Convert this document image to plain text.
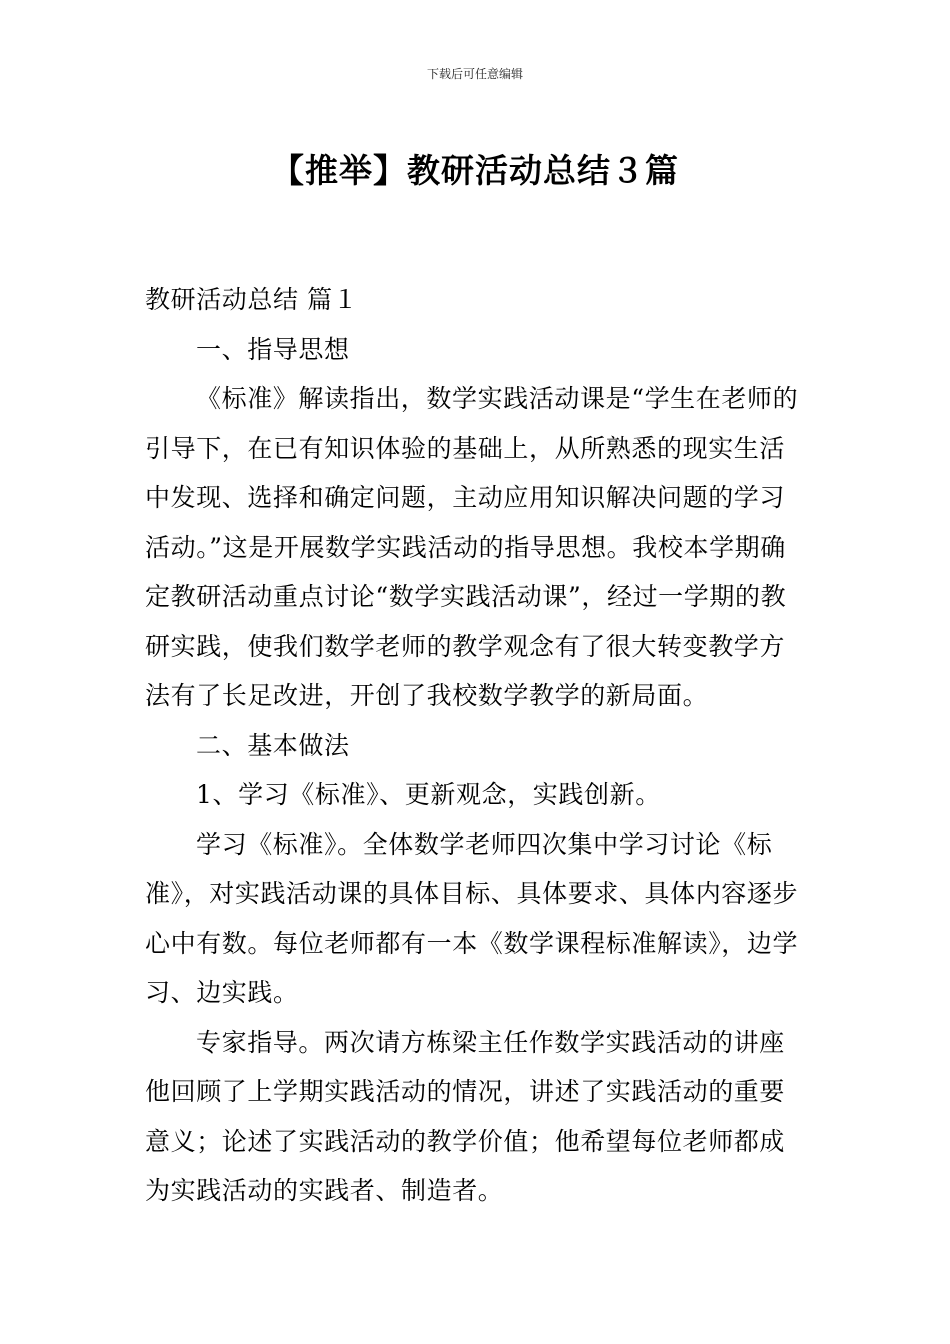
下载后可任意编辑
【推举】教研活动总结３篇

教研活动总结 篇１

一、指导思想

《标准》解读指出，数学实践活动课是“学生在老师的引导下，在已有知识体验的基础上，从所熟悉的现实生活中发现、选择和确定问题，主动应用知识解决问题的学习活动。”这是开展数学实践活动的指导思想。我校本学期确定教研活动重点讨论“数学实践活动课”，经过一学期的教研实践，使我们数学老师的教学观念有了很大转变教学方法有了长足改进，开创了我校数学教学的新局面。

二、基本做法

1、学习《标准》、更新观念，实践创新。

学习《标准》。全体数学老师四次集中学习讨论《标准》，对实践活动课的具体目标、具体要求、具体内容逐步心中有数。每位老师都有一本《数学课程标准解读》，边学习、边实践。

专家指导。两次请方栋梁主任作数学实践活动的讲座他回顾了上学期实践活动的情况，讲述了实践活动的重要意义；论述了实践活动的教学价值；他希望每位老师都成为实践活动的实践者、制造者。
